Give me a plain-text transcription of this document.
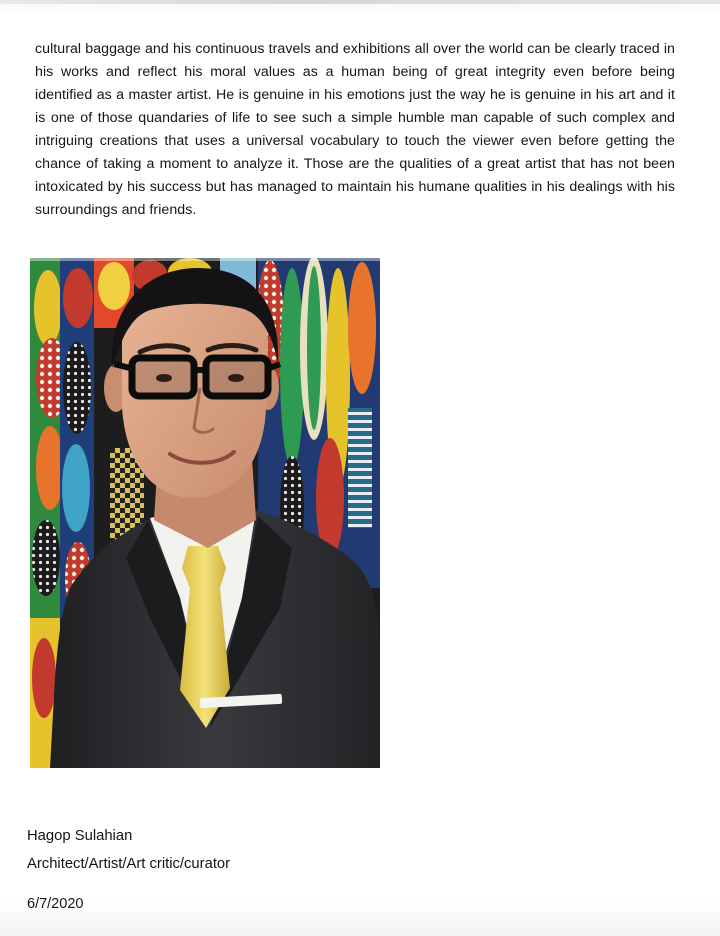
cultural baggage and his continuous travels and exhibitions all over the world can be clearly traced in his works and reflect his moral values as a human being of great integrity even before being identified as a master artist. He is genuine in his emotions just the way he is genuine in his art and it is one of those quandaries of life to see such a simple humble man capable of such complex and intriguing creations that uses a universal vocabulary to touch the viewer even before getting the chance of taking a moment to analyze it. Those are the qualities of a great artist that has not been intoxicated by his success but has managed to maintain his humane qualities in his dealings with his surroundings and friends.

Hagop Sulahian
Architect/Artist/Art critic/curator
6/7/2020
